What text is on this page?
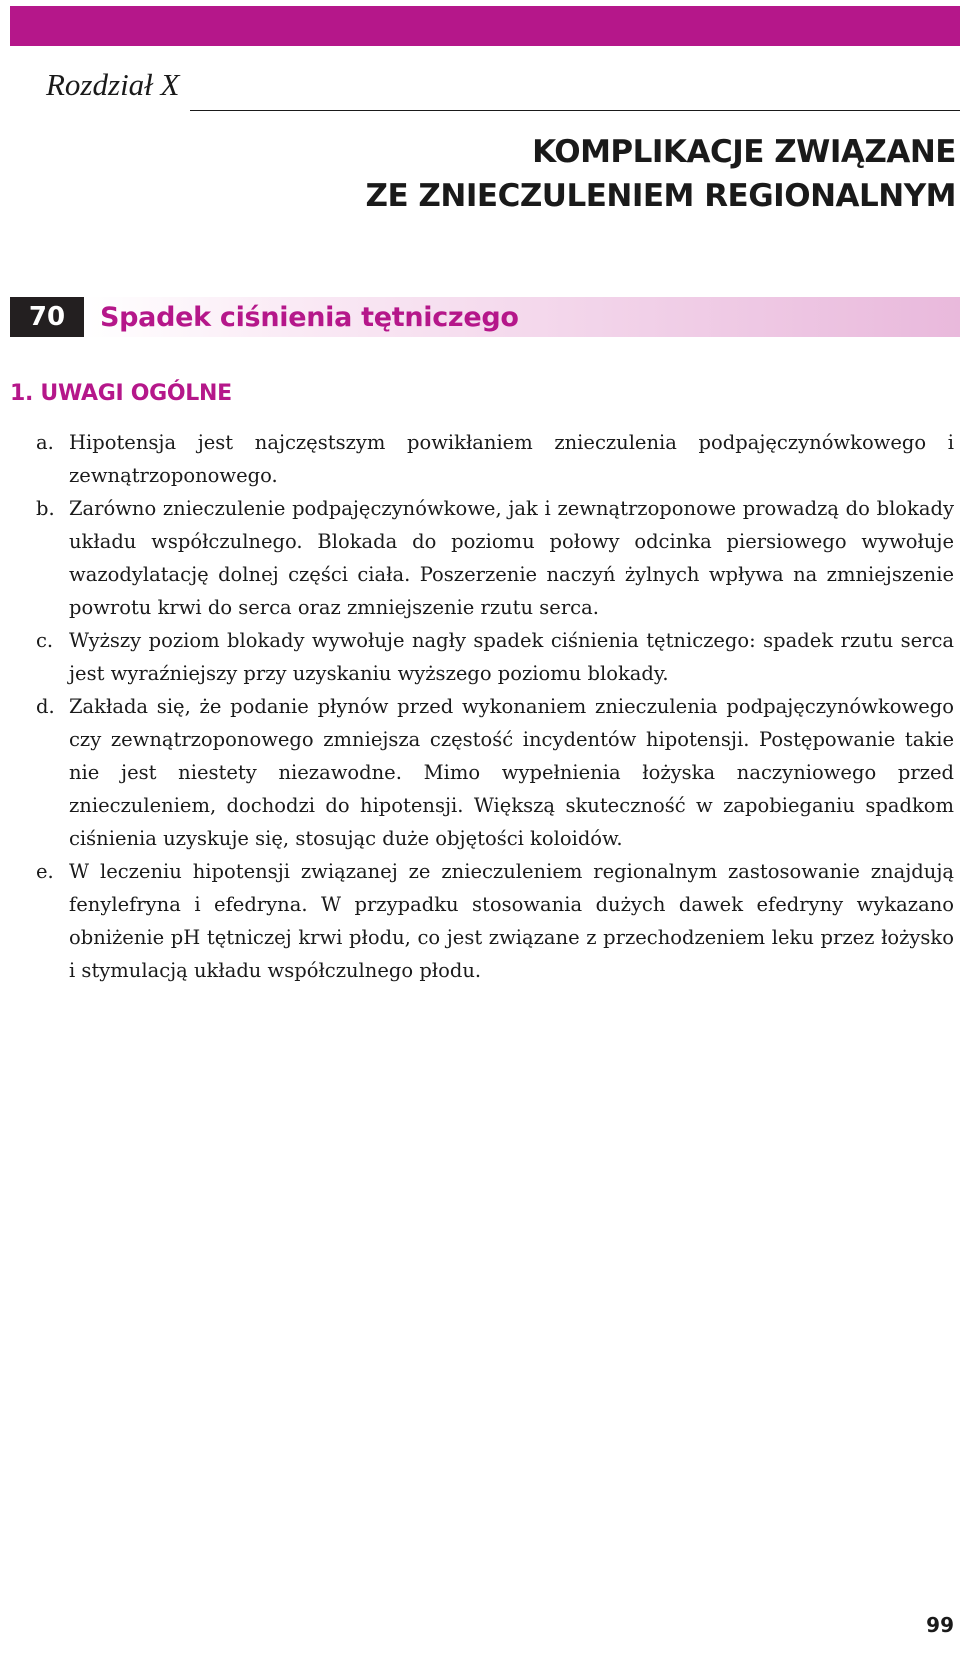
Rozdział X
KOMPLIKACJE ZWIĄZANE
ZE ZNIECZULENIEM REGIONALNYM
70	Spadek ciśnienia tętniczego
1. UWAGI OGÓLNE
a. Hipotensja jest najczęstszym powikłaniem znieczulenia podpajęczynówkowego i zewnątrzoponowego.
b. Zarówno znieczulenie podpajęczynówkowe, jak i zewnątrzoponowe prowadzą do blokady układu współczulnego. Blokada do poziomu połowy odcinka piersiowego wywołuje wazodylatację dolnej części ciała. Poszerzenie naczyń żylnych wpływa na zmniejszenie powrotu krwi do serca oraz zmniejszenie rzutu serca.
c. Wyższy poziom blokady wywołuje nagły spadek ciśnienia tętniczego: spadek rzutu serca jest wyraźniejszy przy uzyskaniu wyższego poziomu blokady.
d. Zakłada się, że podanie płynów przed wykonaniem znieczulenia podpajęczynówkowego czy zewnątrzoponowego zmniejsza częstość incydentów hipotensji. Postępowanie takie nie jest niestety niezawodne. Mimo wypełnienia łożyska naczyniowego przed znieczuleniem, dochodzi do hipotensji. Większą skuteczność w zapobieganiu spadkom ciśnienia uzyskuje się, stosując duże objętości koloidów.
e. W leczeniu hipotensji związanej ze znieczuleniem regionalnym zastosowanie znajdują fenylefryna i efedryna. W przypadku stosowania dużych dawek efedryny wykazano obniżenie pH tętniczej krwi płodu, co jest związane z przechodzeniem leku przez łożysko i stymulacją układu współczulnego płodu.
99
